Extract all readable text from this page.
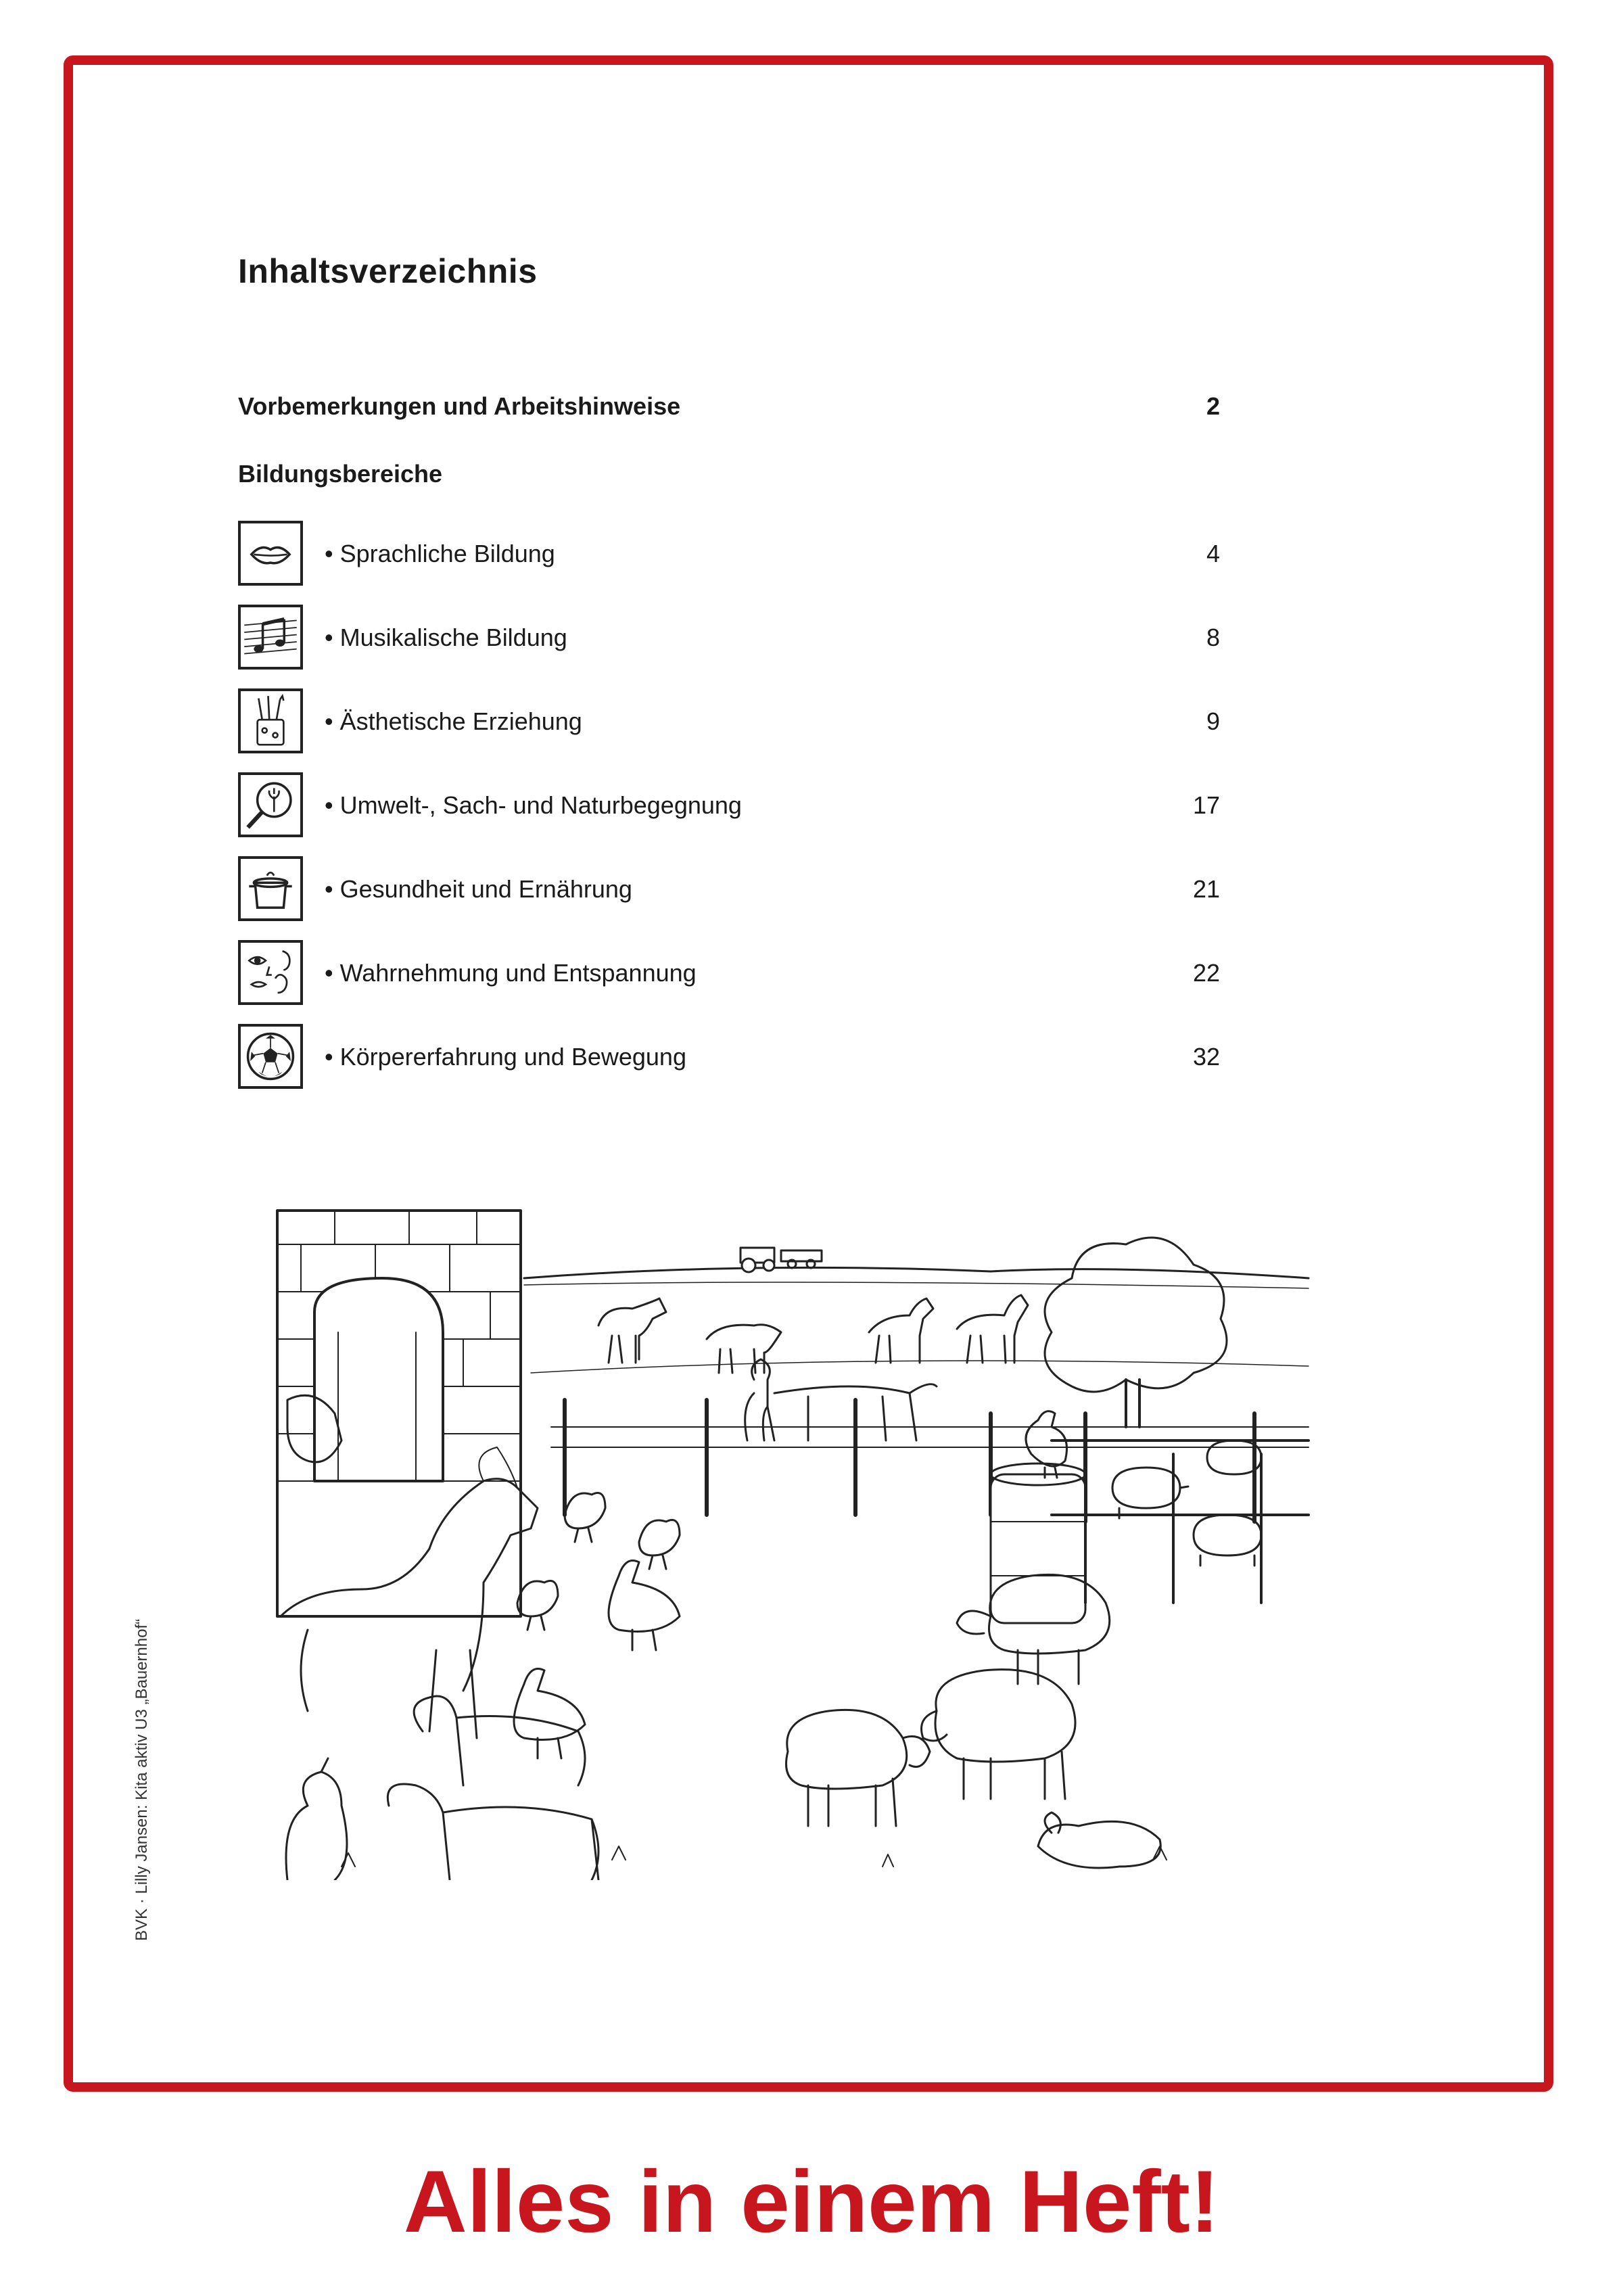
Inhaltsverzeichnis
Vorbemerkungen und Arbeitshinweise	2
Bildungsbereiche
• Sprachliche Bildung	4
• Musikalische Bildung	8
• Ästhetische Erziehung	9
• Umwelt-, Sach- und Naturbegegnung	17
• Gesundheit und Ernährung	21
• Wahrnehmung und Entspannung	22
• Körpererfahrung und Bewegung	32
BVK · Lilly Jansen: Kita aktiv U3 „Bauernhof“
Alles in einem Heft!
